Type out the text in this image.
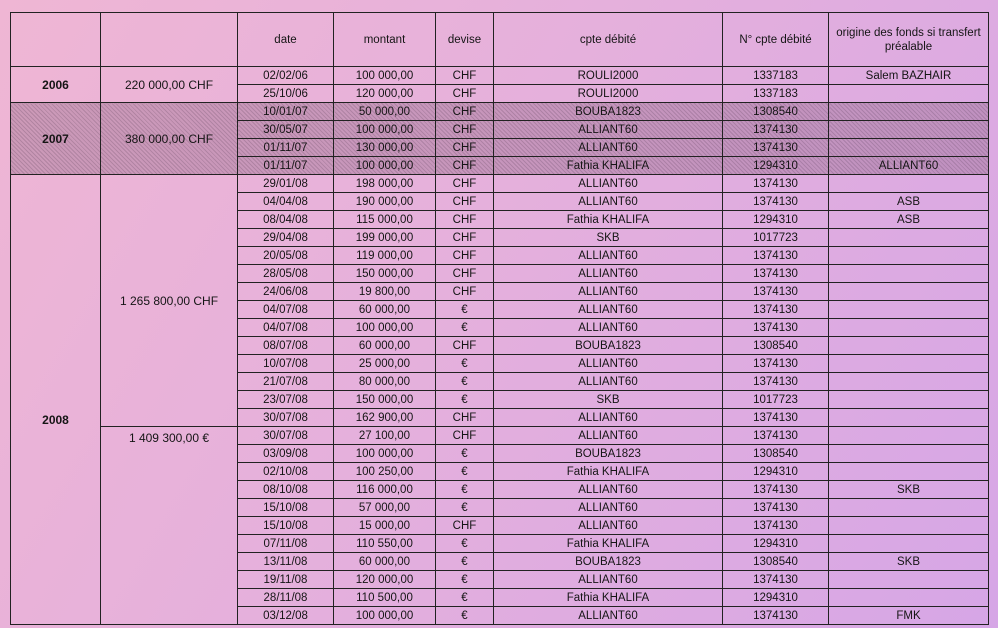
		date	montant	devise	cpte débité	N° cpte débité	origine des fonds si transfert préalable
2006	220 000,00 CHF	02/02/06	100 000,00	CHF	ROULI2000	1337183	Salem BAZHAIR
		25/10/06	120 000,00	CHF	ROULI2000	1337183	
2007	380 000,00 CHF	10/01/07	50 000,00	CHF	BOUBA1823	1308540	
		30/05/07	100 000,00	CHF	ALLIANT60	1374130	
		01/11/07	130 000,00	CHF	ALLIANT60	1374130	
		01/11/07	100 000,00	CHF	Fathia KHALIFA	1294310	ALLIANT60
2008	1 265 800,00 CHF	29/01/08	198 000,00	CHF	ALLIANT60	1374130	
		04/04/08	190 000,00	CHF	ALLIANT60	1374130	ASB
		08/04/08	115 000,00	CHF	Fathia KHALIFA	1294310	ASB
		29/04/08	199 000,00	CHF	SKB	1017723	
		20/05/08	119 000,00	CHF	ALLIANT60	1374130	
		28/05/08	150 000,00	CHF	ALLIANT60	1374130	
		24/06/08	19 800,00	CHF	ALLIANT60	1374130	
		04/07/08	60 000,00	€	ALLIANT60	1374130	
		04/07/08	100 000,00	€	ALLIANT60	1374130	
		08/07/08	60 000,00	CHF	BOUBA1823	1308540	
		10/07/08	25 000,00	€	ALLIANT60	1374130	
		21/07/08	80 000,00	€	ALLIANT60	1374130	
		23/07/08	150 000,00	€	SKB	1017723	
		30/07/08	162 900,00	CHF	ALLIANT60	1374130	
	1 409 300,00 €	30/07/08	27 100,00	CHF	ALLIANT60	1374130	
		03/09/08	100 000,00	€	BOUBA1823	1308540	
		02/10/08	100 250,00	€	Fathia KHALIFA	1294310	
		08/10/08	116 000,00	€	ALLIANT60	1374130	SKB
		15/10/08	57 000,00	€	ALLIANT60	1374130	
		15/10/08	15 000,00	CHF	ALLIANT60	1374130	
		07/11/08	110 550,00	€	Fathia KHALIFA	1294310	
		13/11/08	60 000,00	€	BOUBA1823	1308540	SKB
		19/11/08	120 000,00	€	ALLIANT60	1374130	
		28/11/08	110 500,00	€	Fathia KHALIFA	1294310	
		03/12/08	100 000,00	€	ALLIANT60	1374130	FMK
